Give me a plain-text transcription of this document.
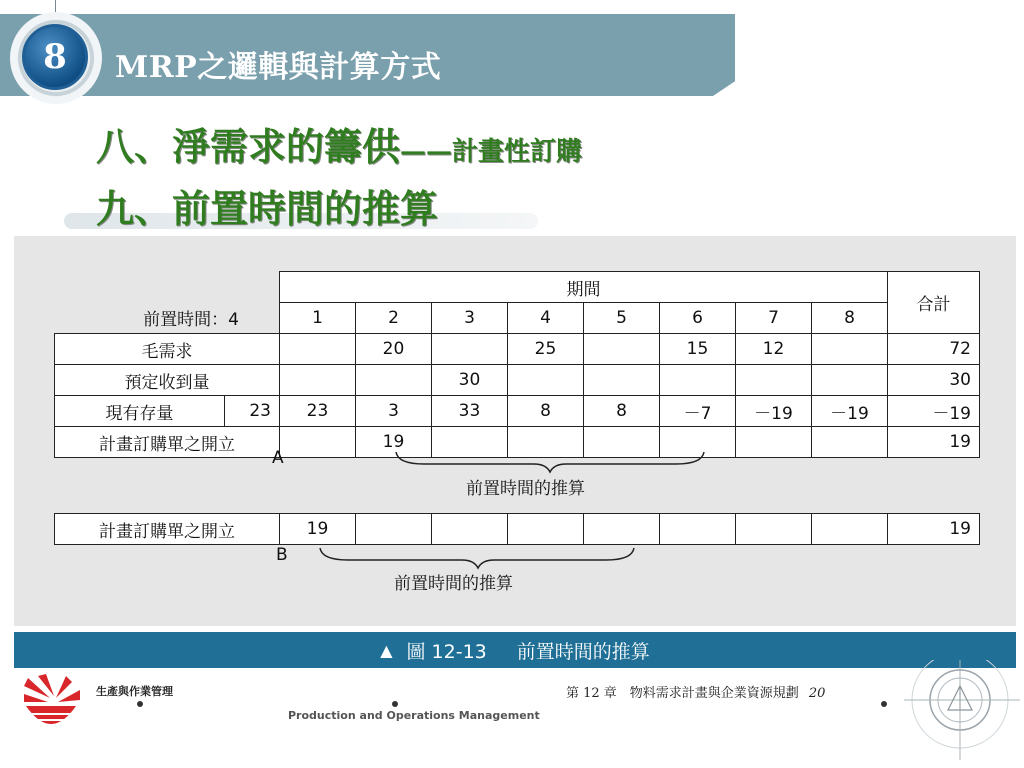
8 MRP之邏輯與計算方式
八、淨需求的籌供——計畫性訂購
九、前置時間的推算
		期間								合計
前置時間：4		1	2	3	4	5	6	7	8	
毛需求			20		25		15	12		72
預定收到量				30						30
現有存量	23	23	3	33	8	8	－7	－19	－19	－19
計畫訂購單之開立			19							19
A
前置時間的推算
計畫訂購單之開立	19								19
B
前置時間的推算
▲ 圖 12-13 前置時間的推算
生產與作業管理
Production and Operations Management
第 12 章　物料需求計畫與企業資源規劃 20
